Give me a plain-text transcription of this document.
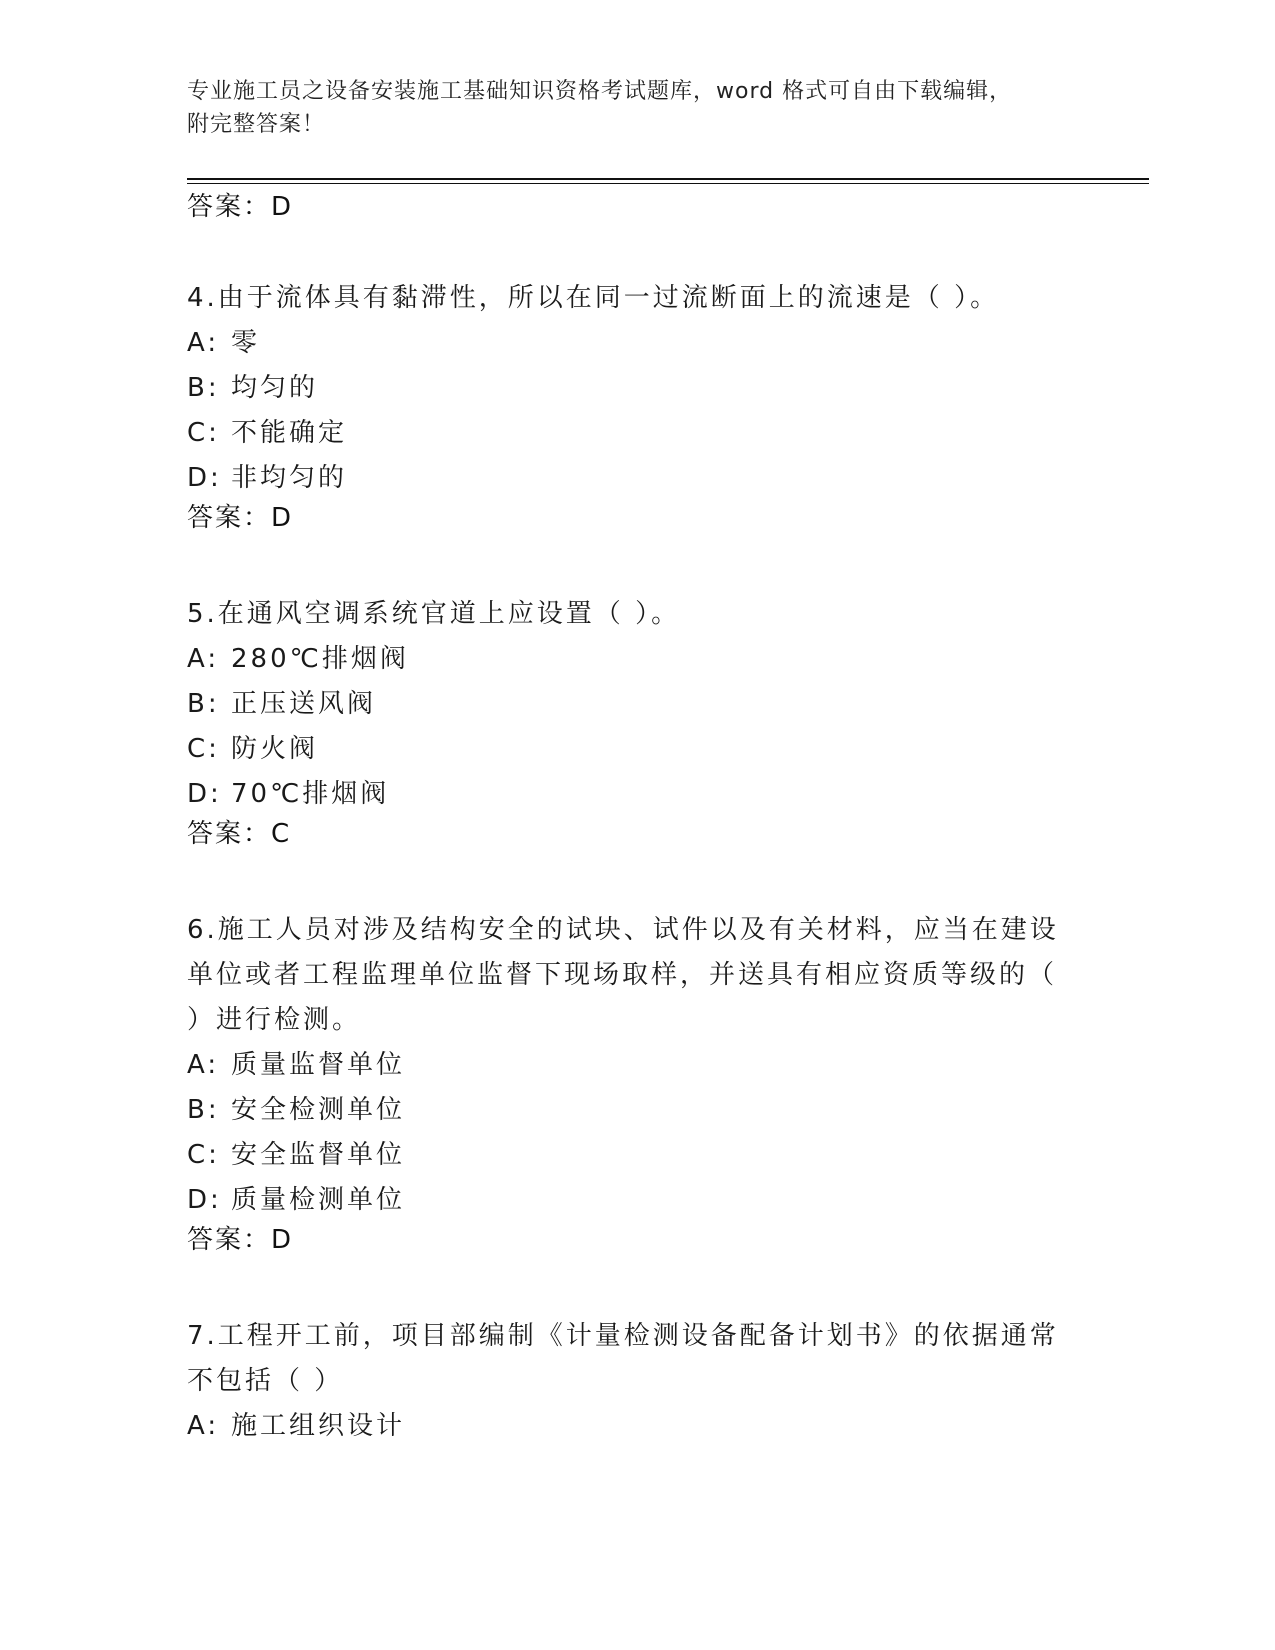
专业施工员之设备安装施工基础知识资格考试题库，word 格式可自由下载编辑，
附完整答案！
答案：D
4.由于流体具有黏滞性，所以在同一过流断面上的流速是（ ）。
A: 零
B: 均匀的
C: 不能确定
D: 非均匀的
答案：D
5.在通风空调系统官道上应设置（ ）。
A: 280℃排烟阀
B: 正压送风阀
C: 防火阀
D: 70℃排烟阀
答案：C
6.施工人员对涉及结构安全的试块、试件以及有关材料，应当在建设
单位或者工程监理单位监督下现场取样，并送具有相应资质等级的（
）进行检测。
A: 质量监督单位
B: 安全检测单位
C: 安全监督单位
D: 质量检测单位
答案：D
7.工程开工前，项目部编制《计量检测设备配备计划书》的依据通常
不包括（ ）
A: 施工组织设计
